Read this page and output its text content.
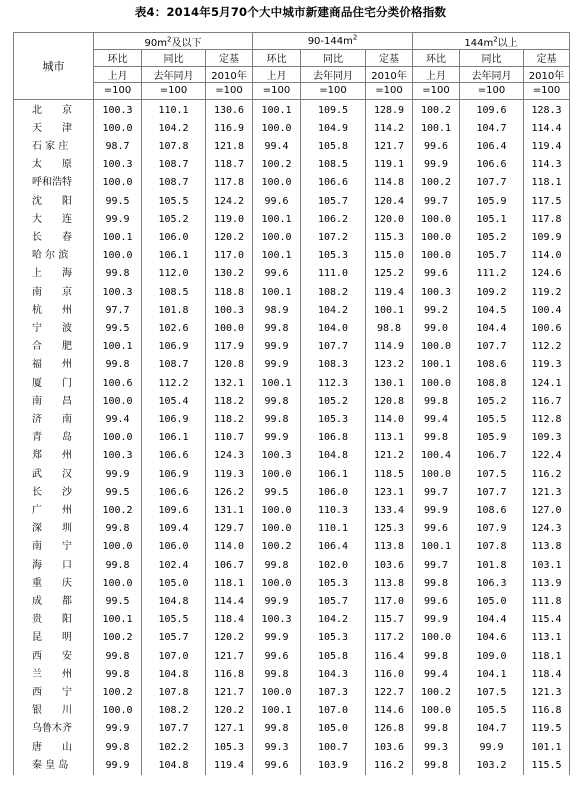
表4：2014年5月70个大中城市新建商品住宅分类价格指数
城市	$90m^2$及以下			$90-144m^2$			$144m^2$以上		
	环比	同比	定基	环比	同比	定基	环比	同比	定基
	上月	去年同月	2010年	上月	去年同月	2010年	上月	去年同月	2010年
	=100	=100	=100	=100	=100	=100	=100	=100	=100
北　　京	100.3	110.1	130.6	100.1	109.5	128.9	100.2	109.6	128.3
天　　津	100.0	104.2	116.9	100.0	104.9	114.2	100.1	104.7	114.4
石 家 庄	98.7	107.8	121.8	99.4	105.8	121.7	99.6	106.4	119.4
太　　原	100.3	108.7	118.7	100.2	108.5	119.1	99.9	106.6	114.3
呼和浩特	100.0	108.7	117.8	100.0	106.6	114.8	100.2	107.7	118.1
沈　　阳	99.5	105.5	124.2	99.6	105.7	120.4	99.7	105.9	117.5
大　　连	99.9	105.2	119.0	100.1	106.2	120.0	100.0	105.1	117.8
长　　春	100.1	106.0	120.2	100.0	107.2	115.3	100.0	105.2	109.9
哈 尔 滨	100.0	106.1	117.0	100.1	105.3	115.0	100.0	105.7	114.0
上　　海	99.8	112.0	130.2	99.6	111.0	125.2	99.6	111.2	124.6
南　　京	100.3	108.5	118.8	100.1	108.2	119.4	100.3	109.2	119.2
杭　　州	97.7	101.8	100.3	98.9	104.2	100.1	99.2	104.5	100.4
宁　　波	99.5	102.6	100.0	99.8	104.0	98.8	99.0	104.4	100.6
合　　肥	100.1	106.9	117.9	99.9	107.7	114.9	100.0	107.7	112.2
福　　州	99.8	108.7	120.8	99.9	108.3	123.2	100.1	108.6	119.3
厦　　门	100.6	112.2	132.1	100.1	112.3	130.1	100.0	108.8	124.1
南　　昌	100.0	105.4	118.2	99.8	105.2	120.8	99.8	105.2	116.7
济　　南	99.4	106.9	118.2	99.8	105.3	114.0	99.4	105.5	112.8
青　　岛	100.0	106.1	110.7	99.9	106.8	113.1	99.8	105.9	109.3
郑　　州	100.3	106.6	124.3	100.3	104.8	121.2	100.4	106.7	122.4
武　　汉	99.9	106.9	119.3	100.0	106.1	118.5	100.0	107.5	116.2
长　　沙	99.5	106.6	126.2	99.5	106.0	123.1	99.7	107.7	121.3
广　　州	100.2	109.6	131.1	100.0	110.3	133.4	99.9	108.6	127.0
深　　圳	99.8	109.4	129.7	100.0	110.1	125.3	99.6	107.9	124.3
南　　宁	100.0	106.0	114.0	100.2	106.4	113.8	100.1	107.8	113.8
海　　口	99.8	102.4	106.7	99.8	102.0	103.6	99.7	101.8	103.1
重　　庆	100.0	105.0	118.1	100.0	105.3	113.8	99.8	106.3	113.9
成　　都	99.5	104.8	114.4	99.9	105.7	117.0	99.6	105.0	111.8
贵　　阳	100.1	105.5	118.4	100.3	104.2	115.7	99.9	104.4	115.4
昆　　明	100.2	105.7	120.2	99.9	105.3	117.2	100.0	104.6	113.1
西　　安	99.8	107.0	121.7	99.6	105.8	116.4	99.8	109.0	118.1
兰　　州	99.8	104.8	116.8	99.8	104.3	116.0	99.4	104.1	118.4
西　　宁	100.2	107.8	121.7	100.0	107.3	122.7	100.2	107.5	121.3
银　　川	100.0	108.2	120.2	100.1	107.0	114.6	100.0	105.5	116.8
乌鲁木齐	99.9	107.7	127.1	99.8	105.0	126.8	99.8	104.7	119.5
唐　　山	99.8	102.2	105.3	99.3	100.7	103.6	99.3	99.9	101.1
秦 皇 岛	99.9	104.8	119.4	99.6	103.9	116.2	99.8	103.2	115.5
